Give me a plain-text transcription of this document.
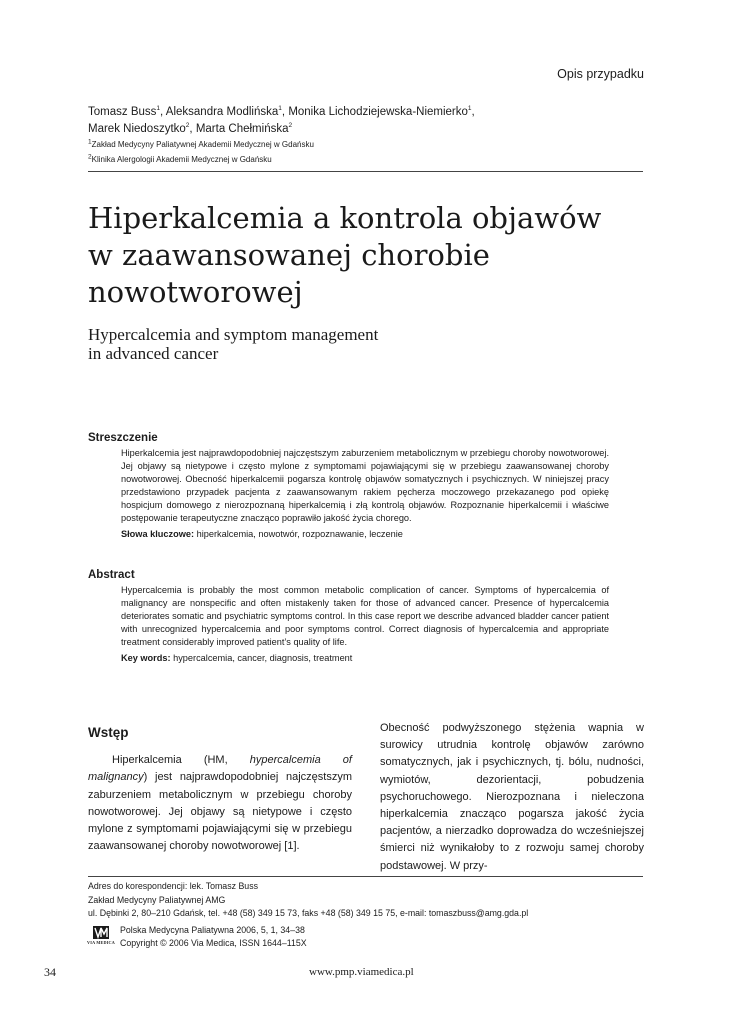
Opis przypadku
Tomasz Buss$^1$, Aleksandra Modlińska$^1$, Monika Lichodziejewska-Niemierko$^1$,
Marek Niedoszytko$^2$, Marta Chełmińska$^2$
$^1$Zakład Medycyny Paliatywnej Akademii Medycznej w Gdańsku
$^2$Klinika Alergologii Akademii Medycznej w Gdańsku
Hiperkalcemia a kontrola objawów
w zaawansowanej chorobie
nowotworowej
Hypercalcemia and symptom management
in advanced cancer
Streszczenie

Hiperkalcemia jest najprawdopodobniej najczęstszym zaburzeniem metabolicznym w przebiegu choroby nowotworowej. Jej objawy są nietypowe i często mylone z symptomami pojawiającymi się w przebiegu zaawansowanej choroby nowotworowej. Obecność hiperkalcemii pogarsza kontrolę objawów somatycznych i psychicznych. W niniejszej pracy przedstawiono przypadek pacjenta z zaawansowanym rakiem pęcherza moczowego przekazanego pod opiekę hospicjum domowego z nierozpoznaną hiperkalcemią i złą kontrolą objawów. Rozpoznanie hiperkalcemii i właściwe postępowanie terapeutyczne znacząco poprawiło jakość życia chorego.

Słowa kluczowe: hiperkalcemia, nowotwór, rozpoznawanie, leczenie

Abstract

Hypercalcemia is probably the most common metabolic complication of cancer. Symptoms of hypercalcemia of malignancy are nonspecific and often mistakenly taken for those of advanced cancer. Presence of hypercalcemia deteriorates somatic and psychiatric symptoms control. In this case report we describe advanced bladder cancer patient with unrecognized hypercalcemia and poor symptoms control. Correct diagnosis of hypercalcemia and appropriate treatment considerably improved patient’s quality of life.

Key words: hypercalcemia, cancer, diagnosis, treatment

Wstęp

Hiperkalcemia (HM, hypercalcemia of malignancy) jest najprawdopodobniej najczęstszym zaburzeniem metabolicznym w przebiegu choroby nowotworowej. Jej objawy są nietypowe i często mylone z symptomami pojawiającymi się w przebiegu zaawansowanej choroby nowotworowej [1].

Obecność podwyższonego stężenia wapnia w surowicy utrudnia kontrolę objawów zarówno somatycznych, jak i psychicznych, tj. bólu, nudności, wymiotów, dezorientacji, pobudzenia psychoruchowego. Nierozpoznana i nieleczona hiperkalcemia znacząco pogarsza jakość życia pacjentów, a nierzadko doprowadza do wcześniejszej śmierci niż wynikałoby to z rozwoju samej choroby podstawowej. W przy-

Adres do korespondencji: lek. Tomasz Buss
Zakład Medycyny Paliatywnej AMG
ul. Dębinki 2, 80–210 Gdańsk, tel. +48 (58) 349 15 73, faks +48 (58) 349 15 75, e-mail: tomaszbuss@amg.gda.pl
VIA MEDICA
Polska Medycyna Paliatywna 2006, 5, 1, 34–38
Copyright © 2006 Via Medica, ISSN 1644–115X
34	www.pmp.viamedica.pl
